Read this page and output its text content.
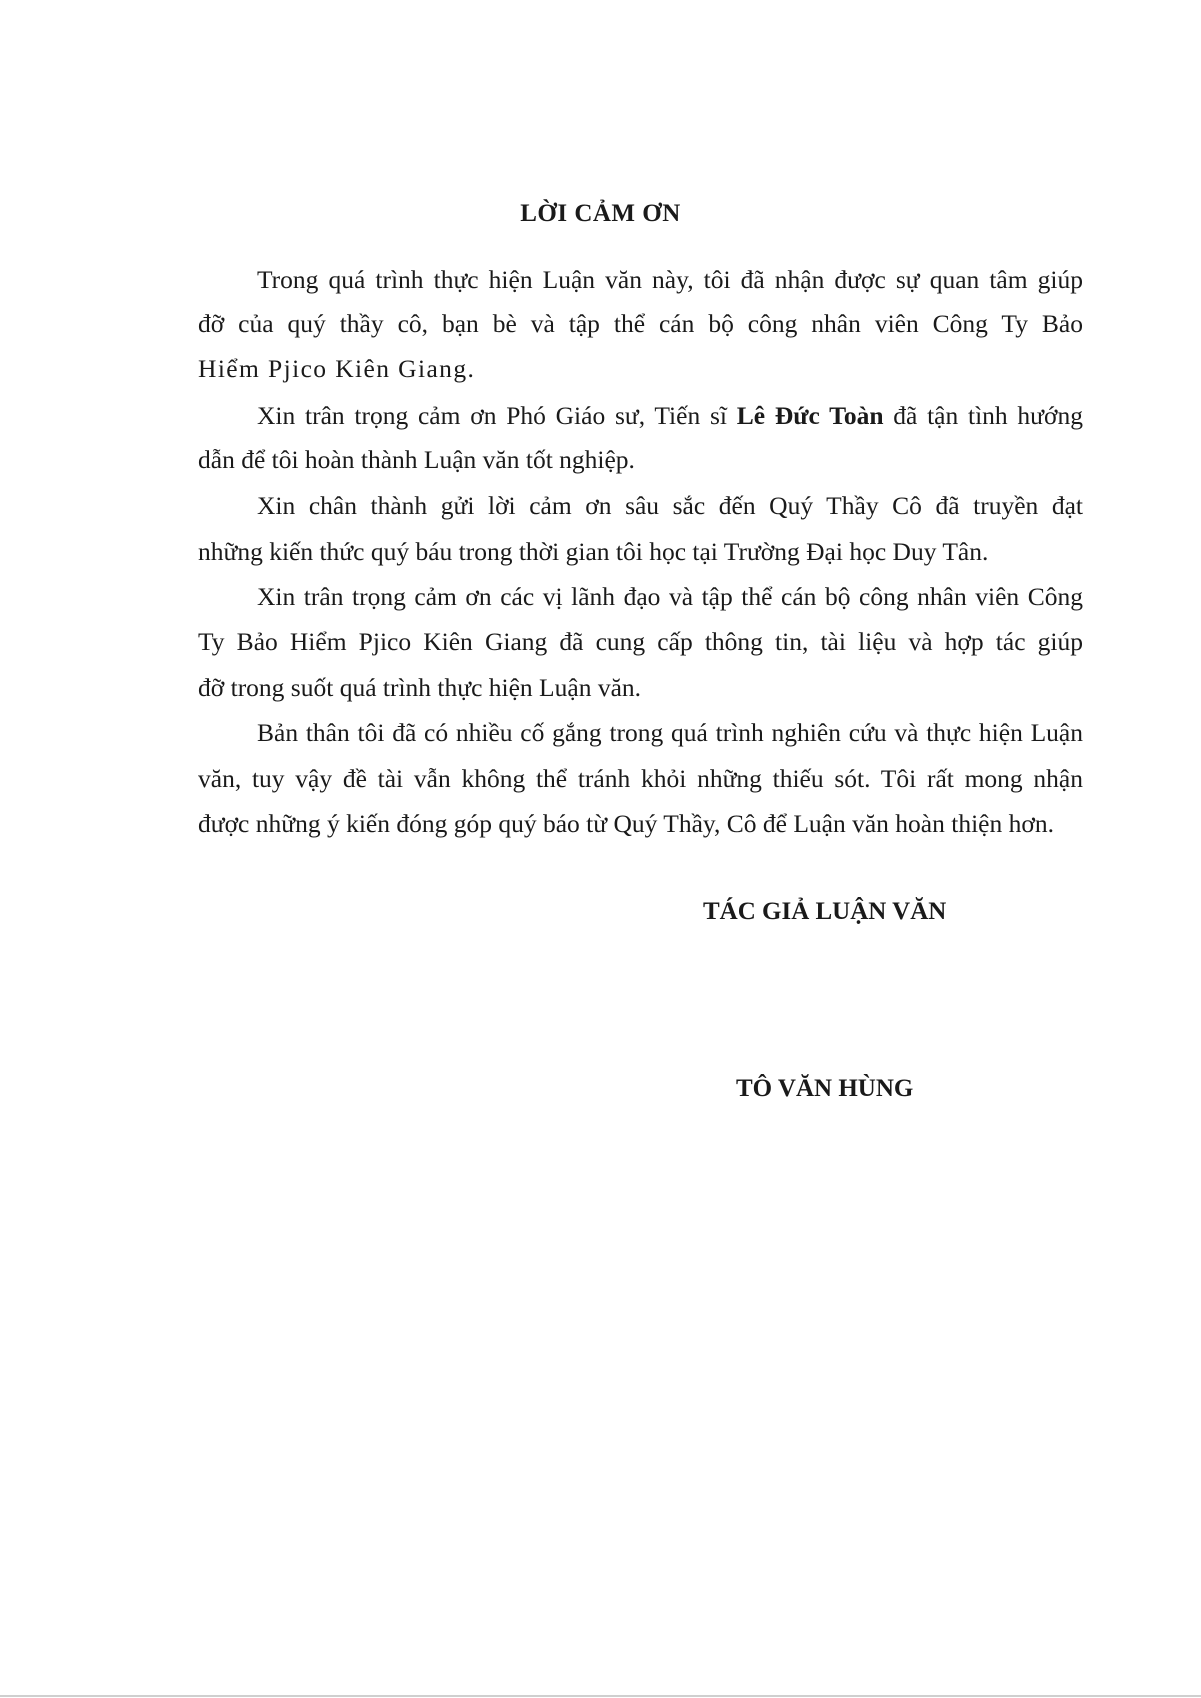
LỜI CẢM ƠN

Trong quá trình thực hiện Luận văn này, tôi đã nhận được sự quan tâm giúp

đỡ của quý thầy cô, bạn bè và tập thể cán bộ công nhân viên Công Ty Bảo

Hiểm Pjico Kiên Giang.

Xin trân trọng cảm ơn Phó Giáo sư, Tiến sĩ Lê Đức Toàn đã tận tình hướng

dẫn để tôi hoàn thành Luận văn tốt nghiệp.

Xin chân thành gửi lời cảm ơn sâu sắc đến Quý Thầy Cô đã truyền đạt

những kiến thức quý báu trong thời gian tôi học tại Trường Đại học Duy Tân.

Xin trân trọng cảm ơn các vị lãnh đạo và tập thể cán bộ công nhân viên Công

Ty Bảo Hiểm Pjico Kiên Giang đã cung cấp thông tin, tài liệu và hợp tác giúp

đỡ trong suốt quá trình thực hiện Luận văn.

Bản thân tôi đã có nhiều cố gắng trong quá trình nghiên cứu và thực hiện Luận

văn, tuy vậy đề tài vẫn không thể tránh khỏi những thiếu sót. Tôi rất mong nhận

được những ý kiến đóng góp quý báo từ Quý Thầy, Cô để Luận văn hoàn thiện hơn.

TÁC GIẢ LUẬN VĂN

TÔ VĂN HÙNG
